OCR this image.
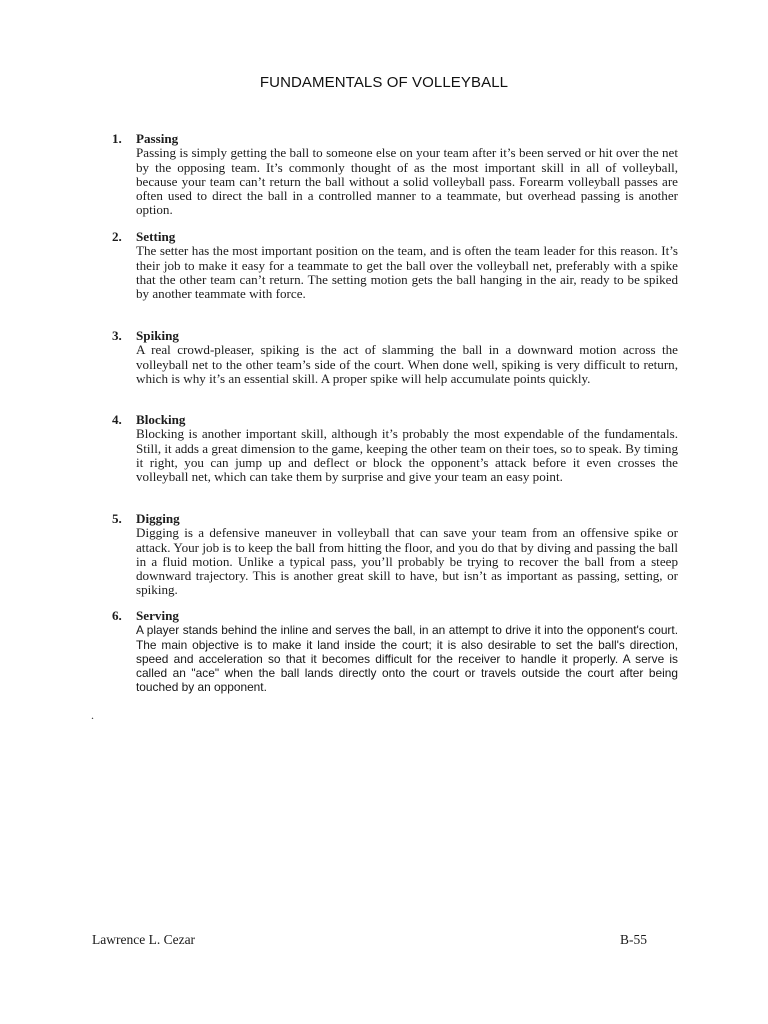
FUNDAMENTALS OF VOLLEYBALL
1. Passing
Passing is simply getting the ball to someone else on your team after it’s been served or hit over the net by the opposing team. It’s commonly thought of as the most important skill in all of volleyball, because your team can’t return the ball without a solid volleyball pass. Forearm volleyball passes are often used to direct the ball in a controlled manner to a teammate, but overhead passing is another option.
2. Setting
The setter has the most important position on the team, and is often the team leader for this reason. It’s their job to make it easy for a teammate to get the ball over the volleyball net, preferably with a spike that the other team can’t return. The setting motion gets the ball hanging in the air, ready to be spiked by another teammate with force.
3. Spiking
A real crowd-pleaser, spiking is the act of slamming the ball in a downward motion across the volleyball net to the other team’s side of the court. When done well, spiking is very difficult to return, which is why it’s an essential skill. A proper spike will help accumulate points quickly.
4. Blocking
Blocking is another important skill, although it’s probably the most expendable of the fundamentals. Still, it adds a great dimension to the game, keeping the other team on their toes, so to speak. By timing it right, you can jump up and deflect or block the opponent’s attack before it even crosses the volleyball net, which can take them by surprise and give your team an easy point.
5. Digging
Digging is a defensive maneuver in volleyball that can save your team from an offensive spike or attack. Your job is to keep the ball from hitting the floor, and you do that by diving and passing the ball in a fluid motion. Unlike a typical pass, you’ll probably be trying to recover the ball from a steep downward trajectory. This is another great skill to have, but isn’t as important as passing, setting, or spiking.
6. Serving
A player stands behind the inline and serves the ball, in an attempt to drive it into the opponent's court. The main objective is to make it land inside the court; it is also desirable to set the ball's direction, speed and acceleration so that it becomes difficult for the receiver to handle it properly. A serve is called an "ace" when the ball lands directly onto the court or travels outside the court after being touched by an opponent.
.
Lawrence L. Cezar	B-55
